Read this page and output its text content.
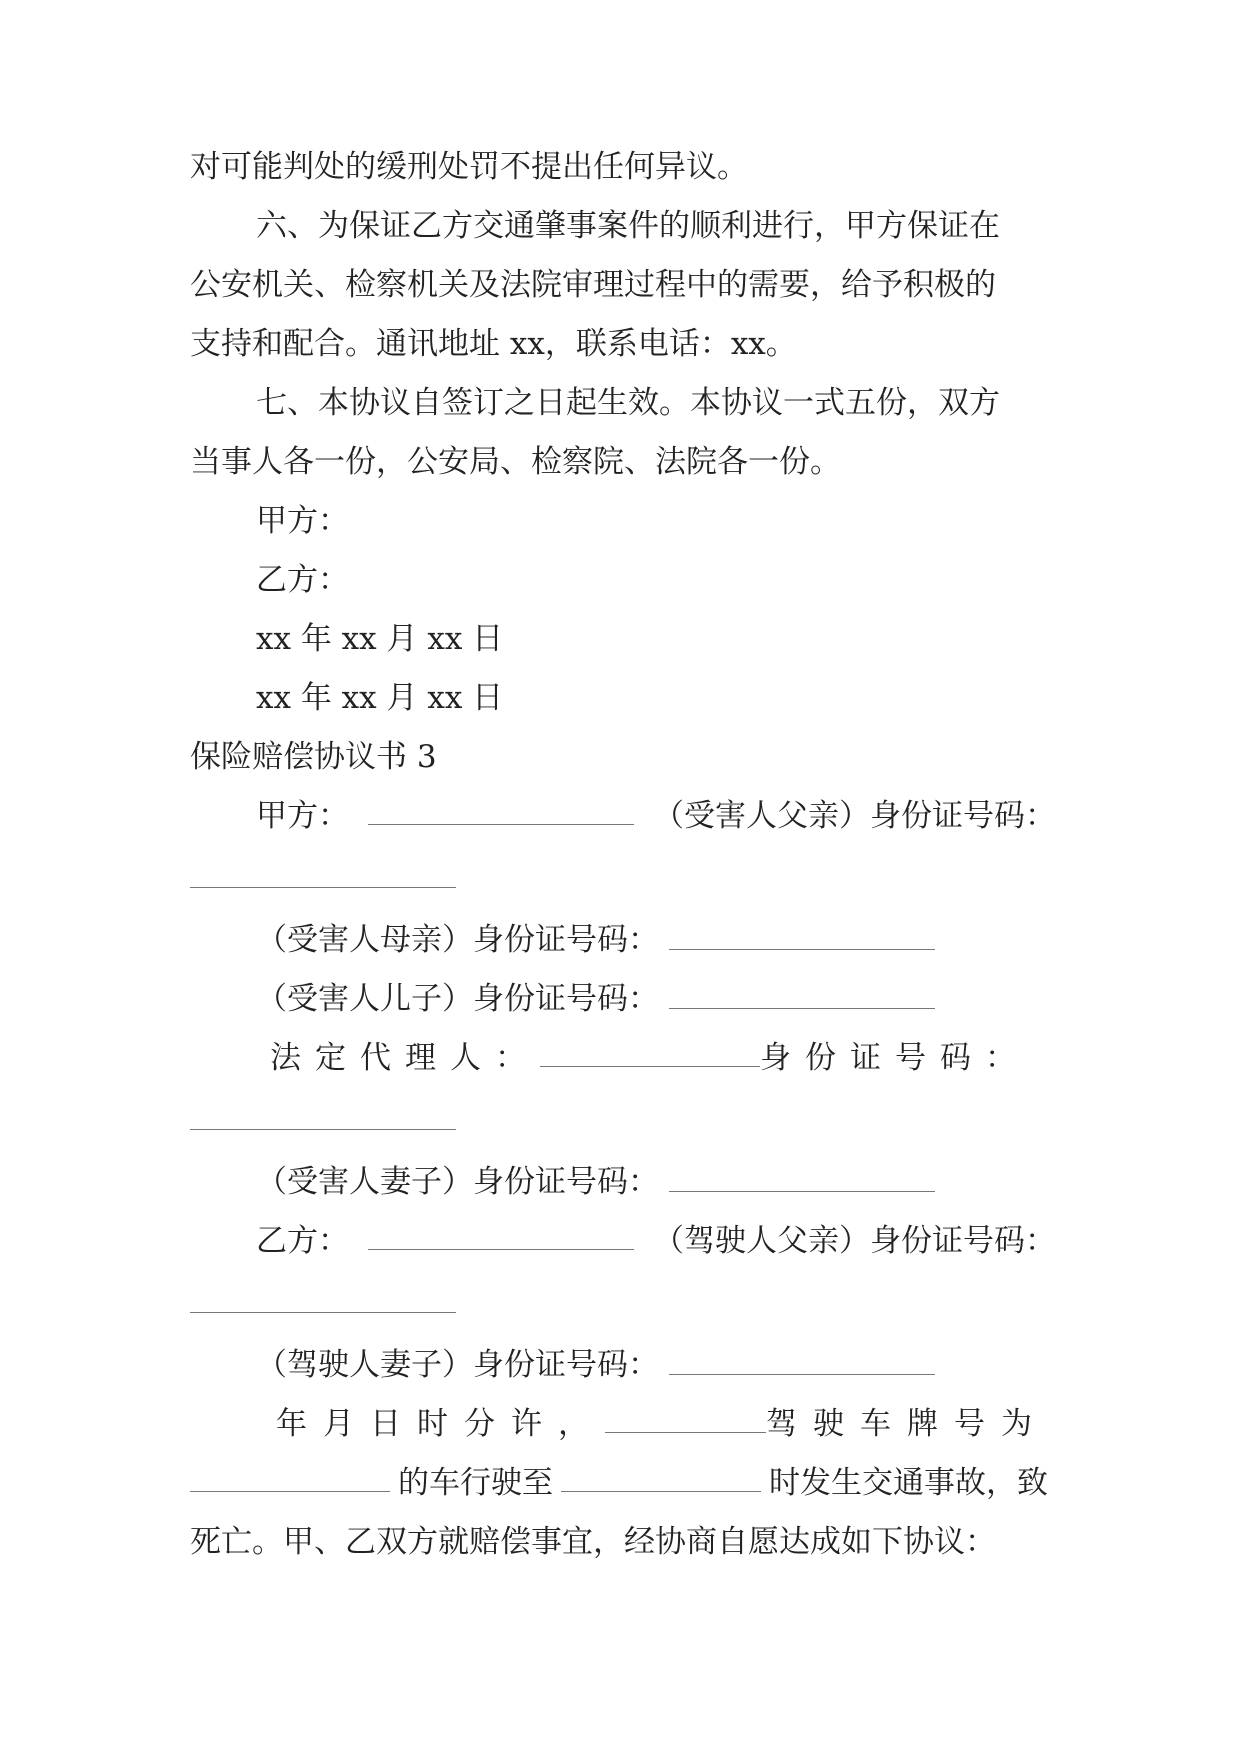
对可能判处的缓刑处罚不提出任何异议。
六、为保证乙方交通肇事案件的顺利进行，甲方保证在
公安机关、检察机关及法院审理过程中的需要，给予积极的
支持和配合。通讯地址 xx，联系电话：xx。
七、本协议自签订之日起生效。本协议一式五份，双方
当事人各一份，公安局、检察院、法院各一份。
甲方：
乙方：
xx 年 xx 月 xx 日
xx 年 xx 月 xx 日
保险赔偿协议书 3
甲方：	（受害人父亲）身份证号码：
（受害人母亲）身份证号码：
（受害人儿子）身份证号码：
法定代理人：	身份证号码：
（受害人妻子）身份证号码：
乙方：	（驾驶人父亲）身份证号码：
（驾驶人妻子）身份证号码：
年月日时分许，	驾驶车牌号为
的车行驶至	时发生交通事故，致
死亡。甲、乙双方就赔偿事宜，经协商自愿达成如下协议：
